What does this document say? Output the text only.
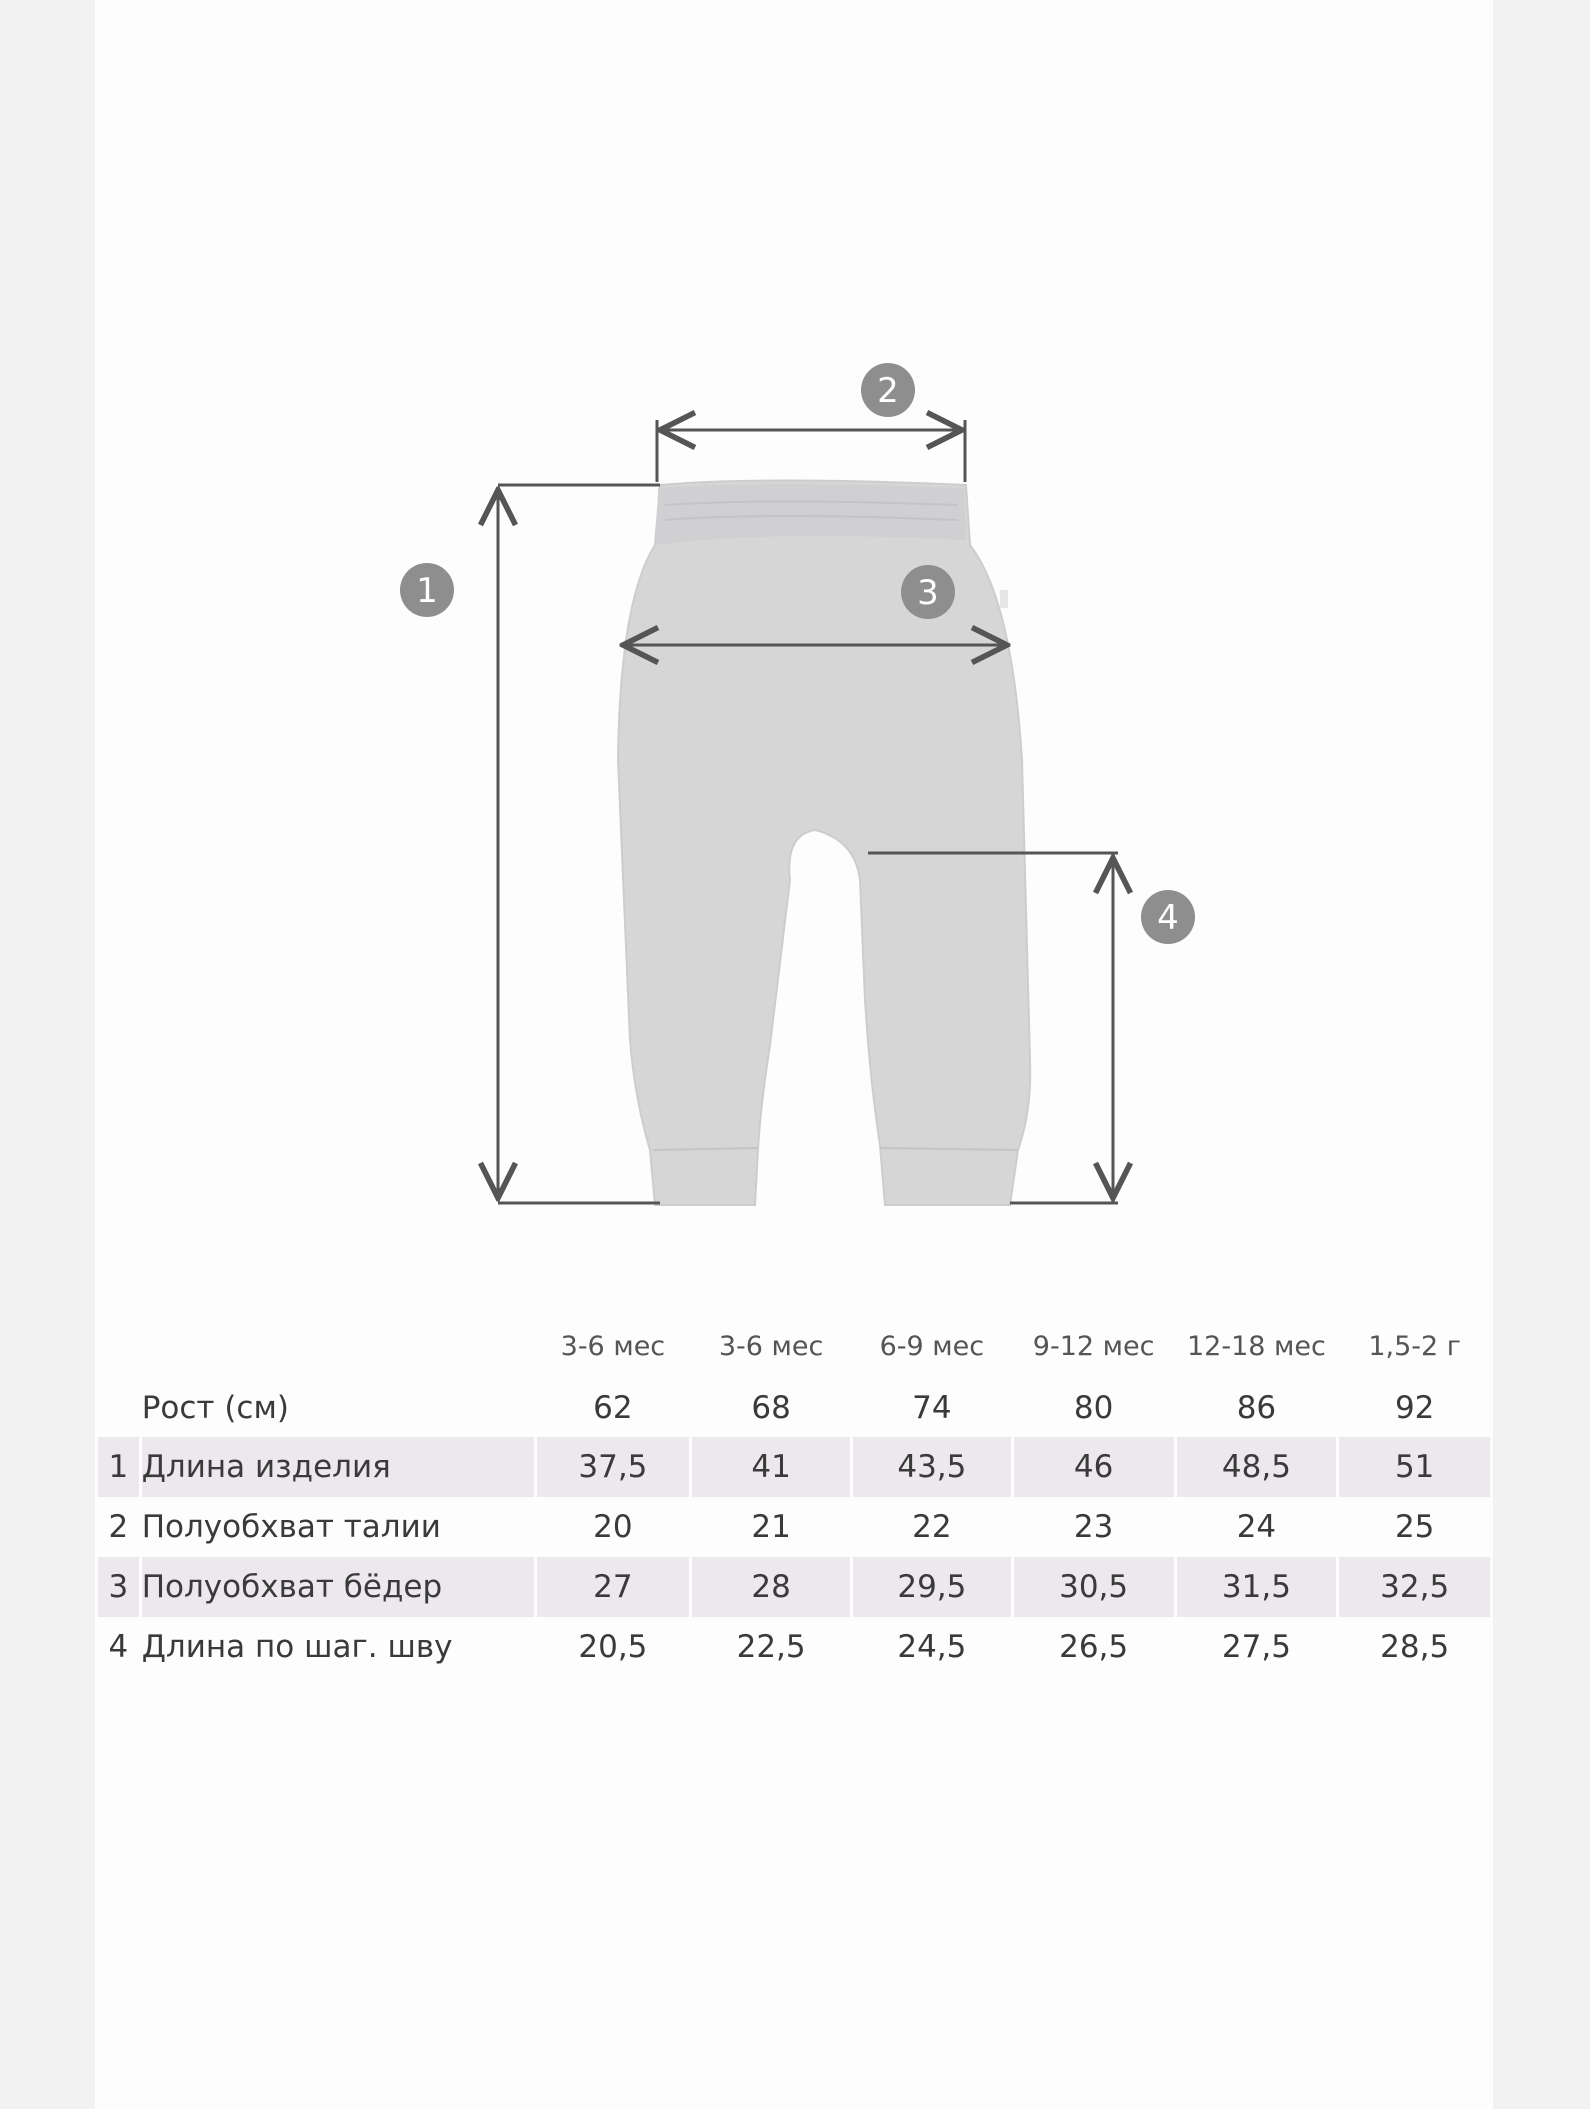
1
2
3
4
		3-6 мес	3-6 мес	6-9 мес	9-12 мес	12-18 мес	1,5-2 г
	Рост (см)	62	68	74	80	86	92
1	Длина изделия	37,5	41	43,5	46	48,5	51
2	Полуобхват талии	20	21	22	23	24	25
3	Полуобхват бёдер	27	28	29,5	30,5	31,5	32,5
4	Длина по шаг. шву	20,5	22,5	24,5	26,5	27,5	28,5
